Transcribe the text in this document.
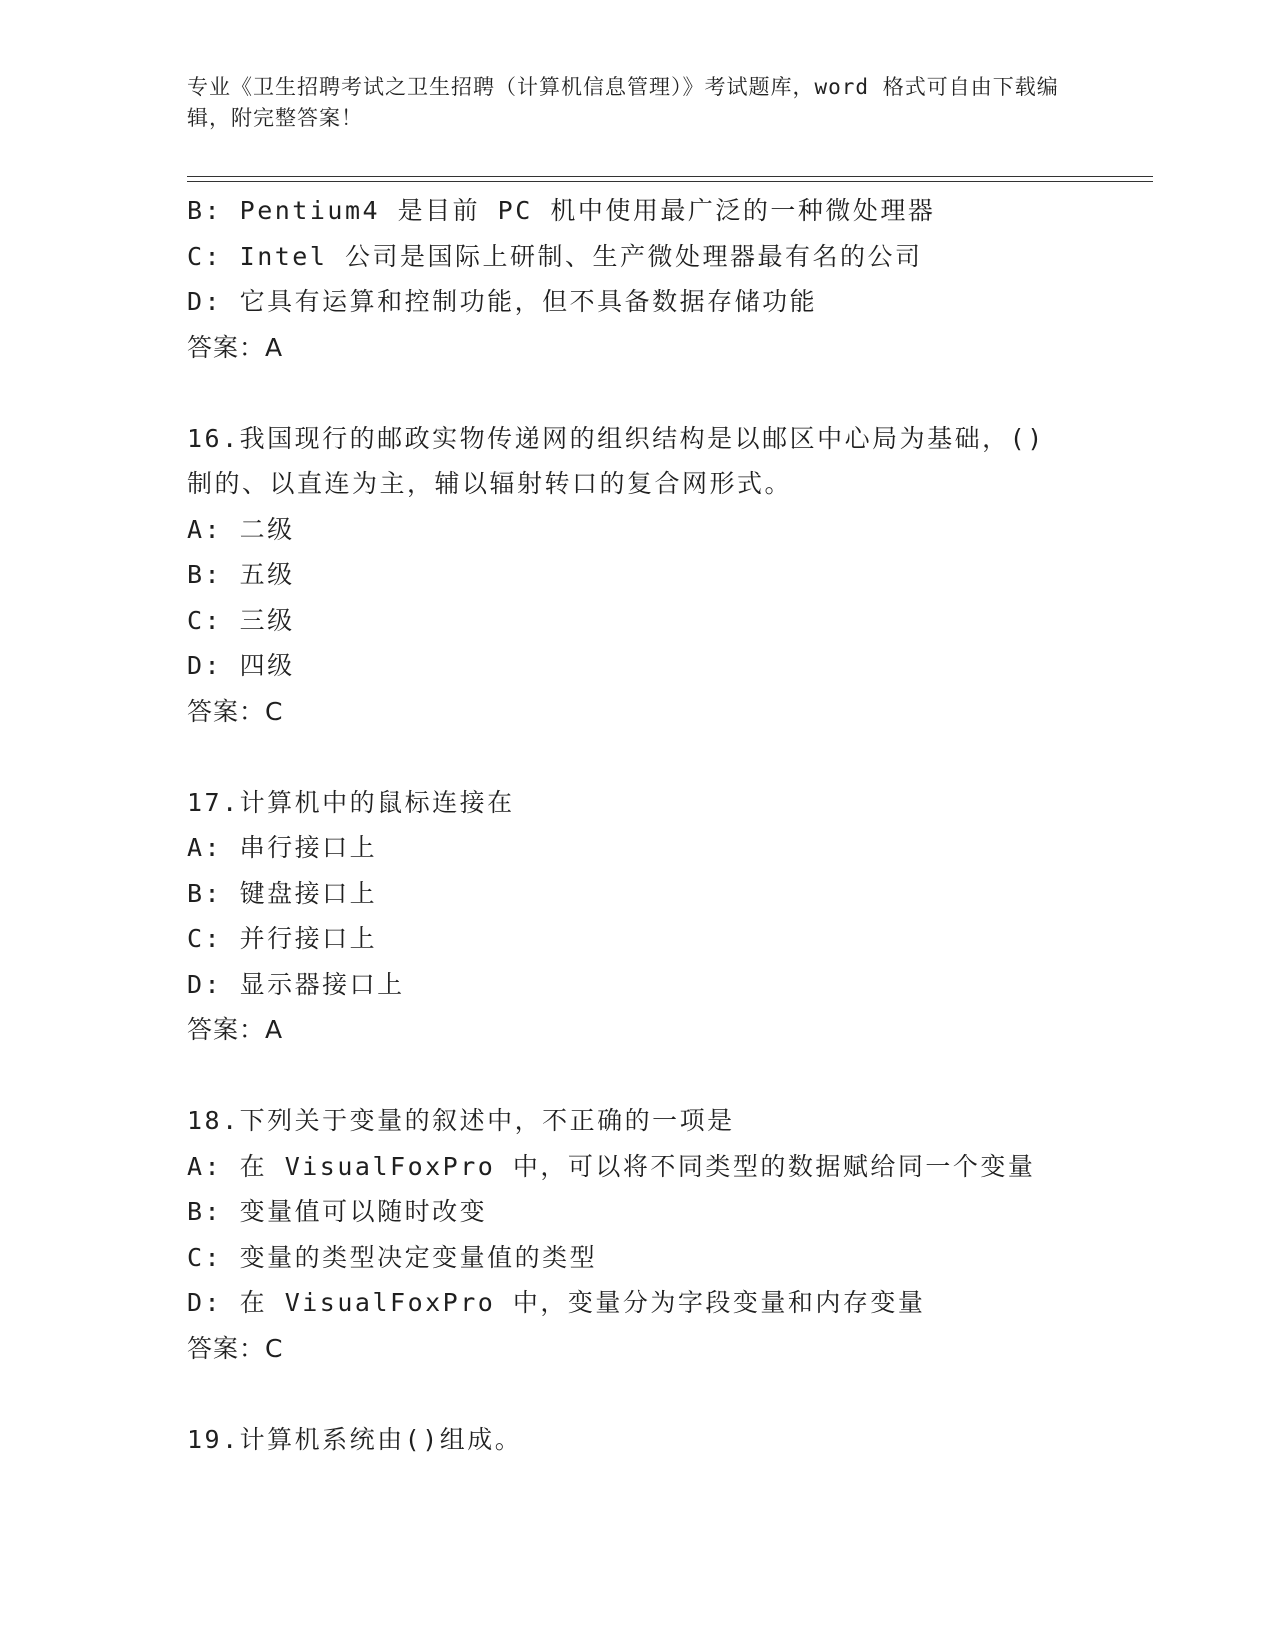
专业《卫生招聘考试之卫生招聘（计算机信息管理）》考试题库，word 格式可自由下载编辑，附完整答案！
B: Pentium4 是目前 PC 机中使用最广泛的一种微处理器
C: Intel 公司是国际上研制、生产微处理器最有名的公司
D: 它具有运算和控制功能，但不具备数据存储功能
答案：A
16.我国现行的邮政实物传递网的组织结构是以邮区中心局为基础，()
制的、以直连为主，辅以辐射转口的复合网形式。
A: 二级
B: 五级
C: 三级
D: 四级
答案：C
17.计算机中的鼠标连接在
A: 串行接口上
B: 键盘接口上
C: 并行接口上
D: 显示器接口上
答案：A
18.下列关于变量的叙述中，不正确的一项是
A: 在 VisualFoxPro 中，可以将不同类型的数据赋给同一个变量
B: 变量值可以随时改变
C: 变量的类型决定变量值的类型
D: 在 VisualFoxPro 中，变量分为字段变量和内存变量
答案：C
19.计算机系统由()组成。
